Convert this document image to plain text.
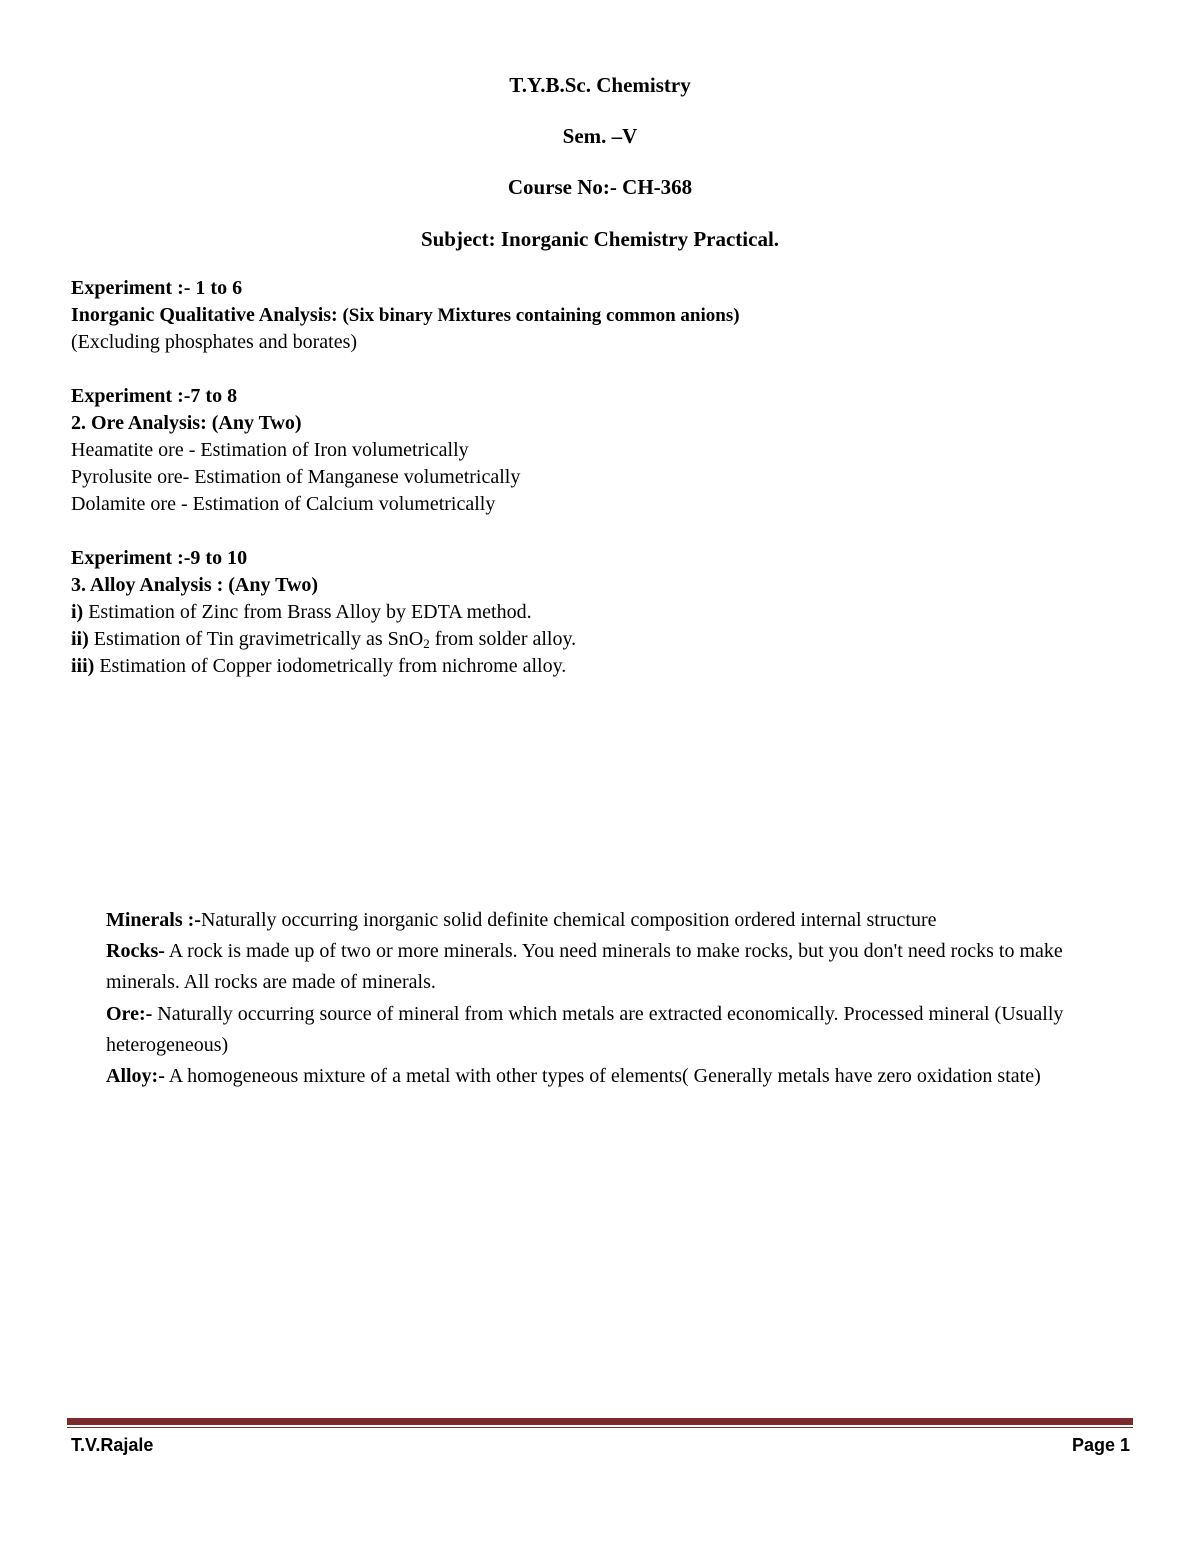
T.Y.B.Sc. Chemistry
Sem. –V
Course No:- CH-368
Subject: Inorganic Chemistry Practical.
Experiment :- 1 to 6
Inorganic Qualitative Analysis: (Six binary Mixtures containing common anions)
(Excluding phosphates and borates)
Experiment :-7 to 8
2. Ore Analysis: (Any Two)
Heamatite ore - Estimation of Iron volumetrically
Pyrolusite ore- Estimation of Manganese volumetrically
Dolamite ore - Estimation of Calcium volumetrically
Experiment :-9 to 10
3. Alloy Analysis : (Any Two)
i) Estimation of Zinc from Brass Alloy by EDTA method.
ii) Estimation of Tin gravimetrically as SnO$_2$ from solder alloy.
iii) Estimation of Copper iodometrically from nichrome alloy.

Minerals :-Naturally occurring inorganic solid definite chemical composition ordered internal structure

Rocks- A rock is made up of two or more minerals. You need minerals to make rocks, but you don't need rocks to make minerals. All rocks are made of minerals.

Ore:- Naturally occurring source of mineral from which metals are extracted economically. Processed mineral (Usually heterogeneous)

Alloy:- A homogeneous mixture of a metal with other types of elements( Generally metals have zero oxidation state)

T.V.Rajale	Page 1
